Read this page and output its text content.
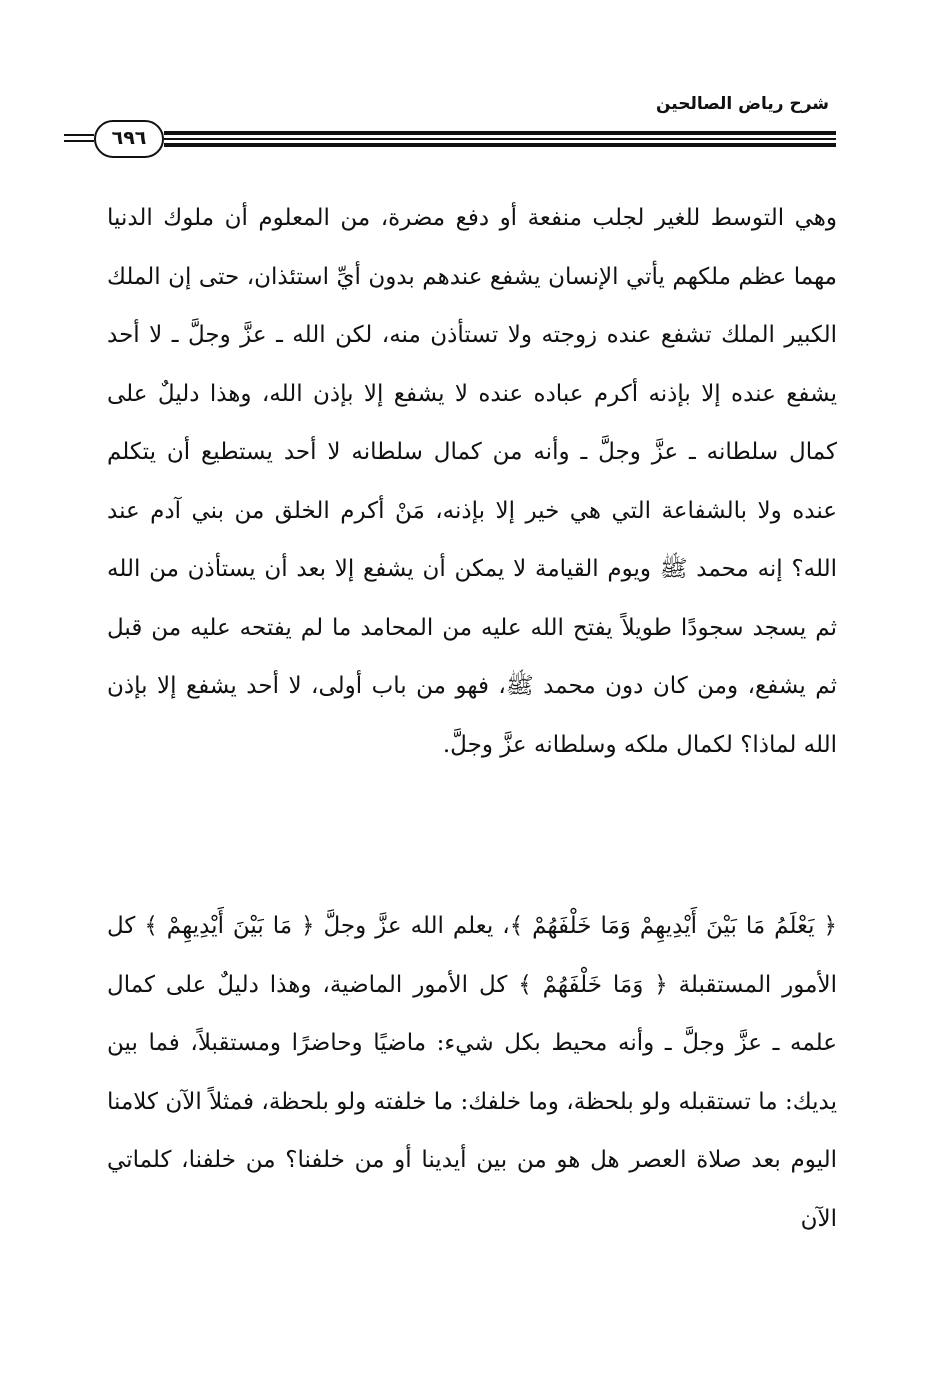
شرح رياض الصالحين
٦٩٦

وهي التوسط للغير لجلب منفعة أو دفع مضرة، من المعلوم أن ملوك الدنيا مهما عظم ملكهم يأتي الإنسان يشفع عندهم بدون أيِّ استئذان، حتى إن الملك الكبير الملك تشفع عنده زوجته ولا تستأذن منه، لكن الله ـ عزَّ وجلَّ ـ لا أحد يشفع عنده إلا بإذنه أكرم عباده عنده لا يشفع إلا بإذن الله، وهذا دليلٌ على كمال سلطانه ـ عزَّ وجلَّ ـ وأنه من كمال سلطانه لا أحد يستطيع أن يتكلم عنده ولا بالشفاعة التي هي خير إلا بإذنه، مَنْ أكرم الخلق من بني آدم عند الله؟ إنه محمد ﷺ ويوم القيامة لا يمكن أن يشفع إلا بعد أن يستأذن من الله ثم يسجد سجودًا طويلاً يفتح الله عليه من المحامد ما لم يفتحه عليه من قبل ثم يشفع، ومن كان دون محمد ﷺ، فهو من باب أولى، لا أحد يشفع إلا بإذن الله لماذا؟ لكمال ملكه وسلطانه عزَّ وجلَّ.

﴿ يَعْلَمُ مَا بَيْنَ أَيْدِيهِمْ وَمَا خَلْفَهُمْ ﴾، يعلم الله عزَّ وجلَّ ﴿ مَا بَيْنَ أَيْدِيهِمْ ﴾ كل الأمور المستقبلة ﴿ وَمَا خَلْفَهُمْ ﴾ كل الأمور الماضية، وهذا دليلٌ على كمال علمه ـ عزَّ وجلَّ ـ وأنه محيط بكل شيء: ماضيًا وحاضرًا ومستقبلاً، فما بين يديك: ما تستقبله ولو بلحظة، وما خلفك: ما خلفته ولو بلحظة، فمثلاً الآن كلامنا اليوم بعد صلاة العصر هل هو من بين أيدينا أو من خلفنا؟ من خلفنا، كلماتي الآن
